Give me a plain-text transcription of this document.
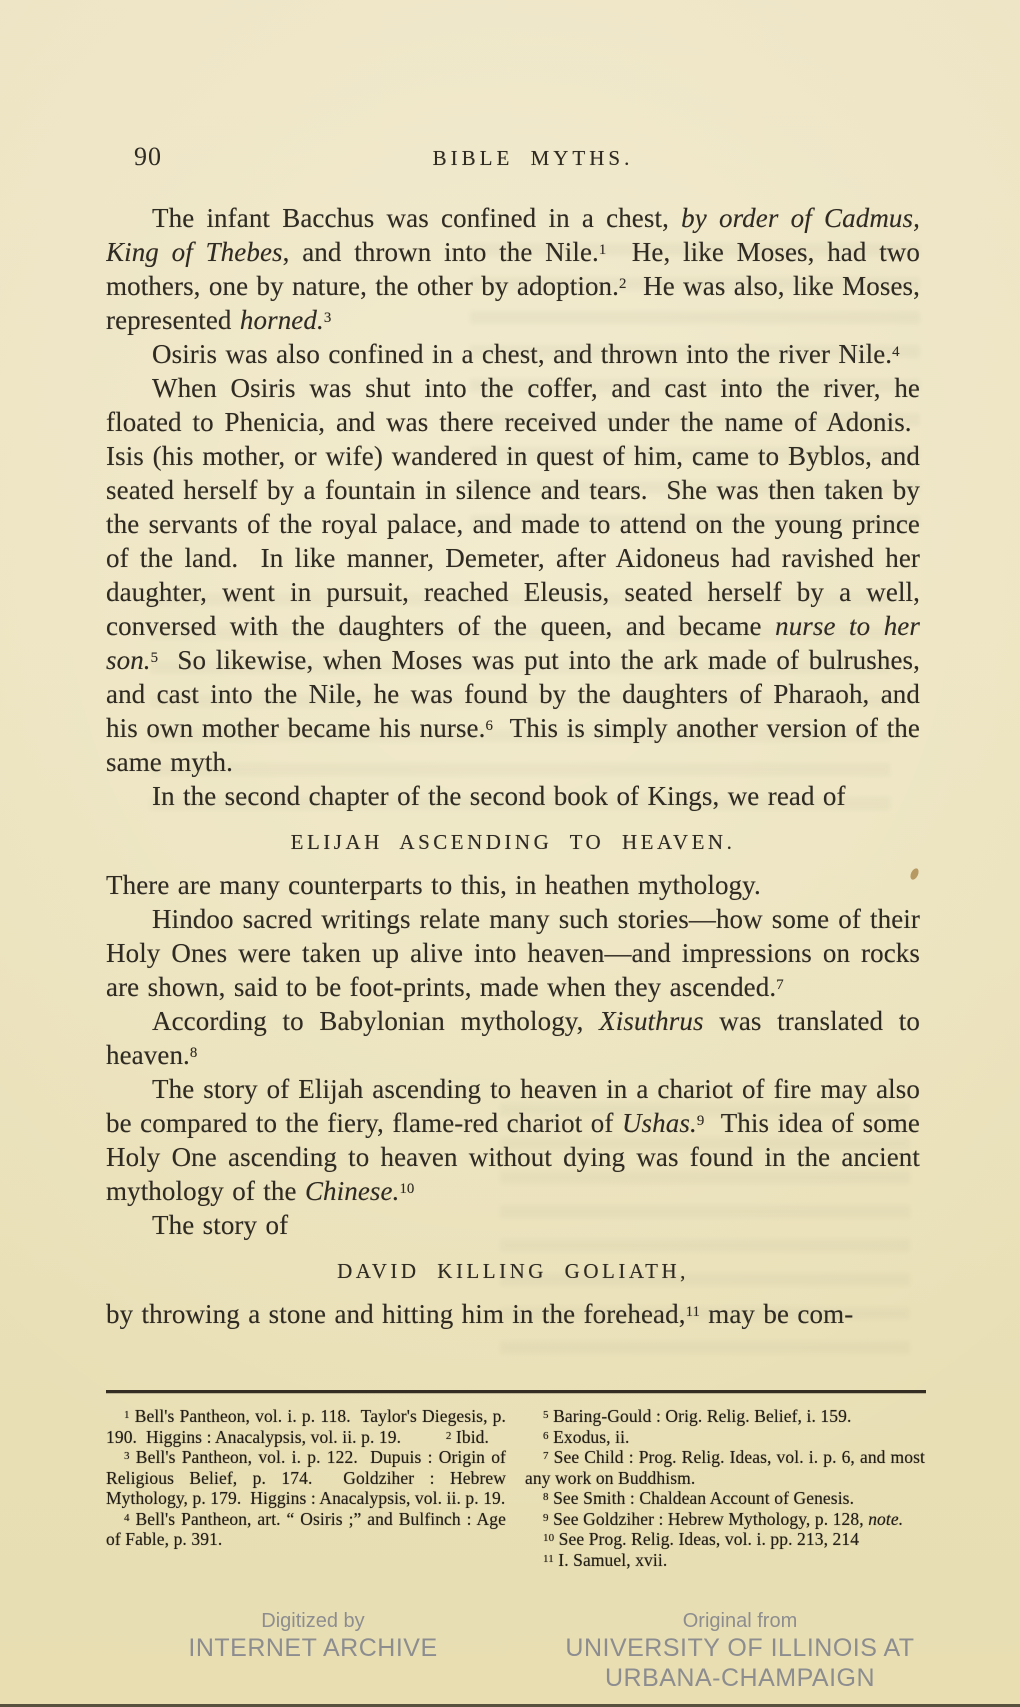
90	BIBLE MYTHS.

The infant Bacchus was confined in a chest, by order of Cadmus, King of Thebes, and thrown into the Nile.$^1$  He, like Moses, had two mothers, one by nature, the other by adoption.$^2$  He was also, like Moses, represented horned.$^3$

Osiris was also confined in a chest, and thrown into the river Nile.$^4$

When Osiris was shut into the coffer, and cast into the river, he floated to Phenicia, and was there received under the name of Adonis.  Isis (his mother, or wife) wandered in quest of him, came to Byblos, and seated herself by a fountain in silence and tears.  She was then taken by the servants of the royal palace, and made to attend on the young prince of the land.  In like manner, Demeter, after Aidoneus had ravished her daughter, went in pursuit, reached Eleusis, seated herself by a well, conversed with the daughters of the queen, and became nurse to her son.$^5$  So likewise, when Moses was put into the ark made of bulrushes, and cast into the Nile, he was found by the daughters of Pharaoh, and his own mother became his nurse.$^6$  This is simply another version of the same myth.

In the second chapter of the second book of Kings, we read of

ELIJAH ASCENDING TO HEAVEN.

There are many counterparts to this, in heathen mythology.

Hindoo sacred writings relate many such stories—how some of their Holy Ones were taken up alive into heaven—and impressions on rocks are shown, said to be foot-prints, made when they ascended.$^7$

According to Babylonian mythology, Xisuthrus was translated to heaven.$^8$

The story of Elijah ascending to heaven in a chariot of fire may also be compared to the fiery, flame-red chariot of Ushas.$^9$  This idea of some Holy One ascending to heaven without dying was found in the ancient mythology of the Chinese.$^{10}$

The story of

DAVID KILLING GOLIATH,

by throwing a stone and hitting him in the forehead,$^{11}$ may be com-

$^1$ Bell's Pantheon, vol. i. p. 118.  Taylor's Diegesis, p. 190.  Higgins : Anacalypsis, vol. ii. p. 19.	$^2$ Ibid.

$^3$ Bell's Pantheon, vol. i. p. 122.  Dupuis : Origin of Religious Belief, p. 174.  Goldziher : Hebrew Mythology, p. 179.  Higgins : Anacalypsis, vol. ii. p. 19.

$^4$ Bell's Pantheon, art. “ Osiris ;” and Bulfinch : Age of Fable, p. 391.

$^5$ Baring-Gould : Orig. Relig. Belief, i. 159.

$^6$ Exodus, ii.

$^7$ See Child : Prog. Relig. Ideas, vol. i. p. 6, and most any work on Buddhism.

$^8$ See Smith : Chaldean Account of Genesis.

$^9$ See Goldziher : Hebrew Mythology, p. 128, note.

$^{10}$ See Prog. Relig. Ideas, vol. i. pp. 213, 214

$^{11}$ I. Samuel, xvii.

Digitized by
INTERNET ARCHIVE
Original from
UNIVERSITY OF ILLINOIS AT
URBANA-CHAMPAIGN
